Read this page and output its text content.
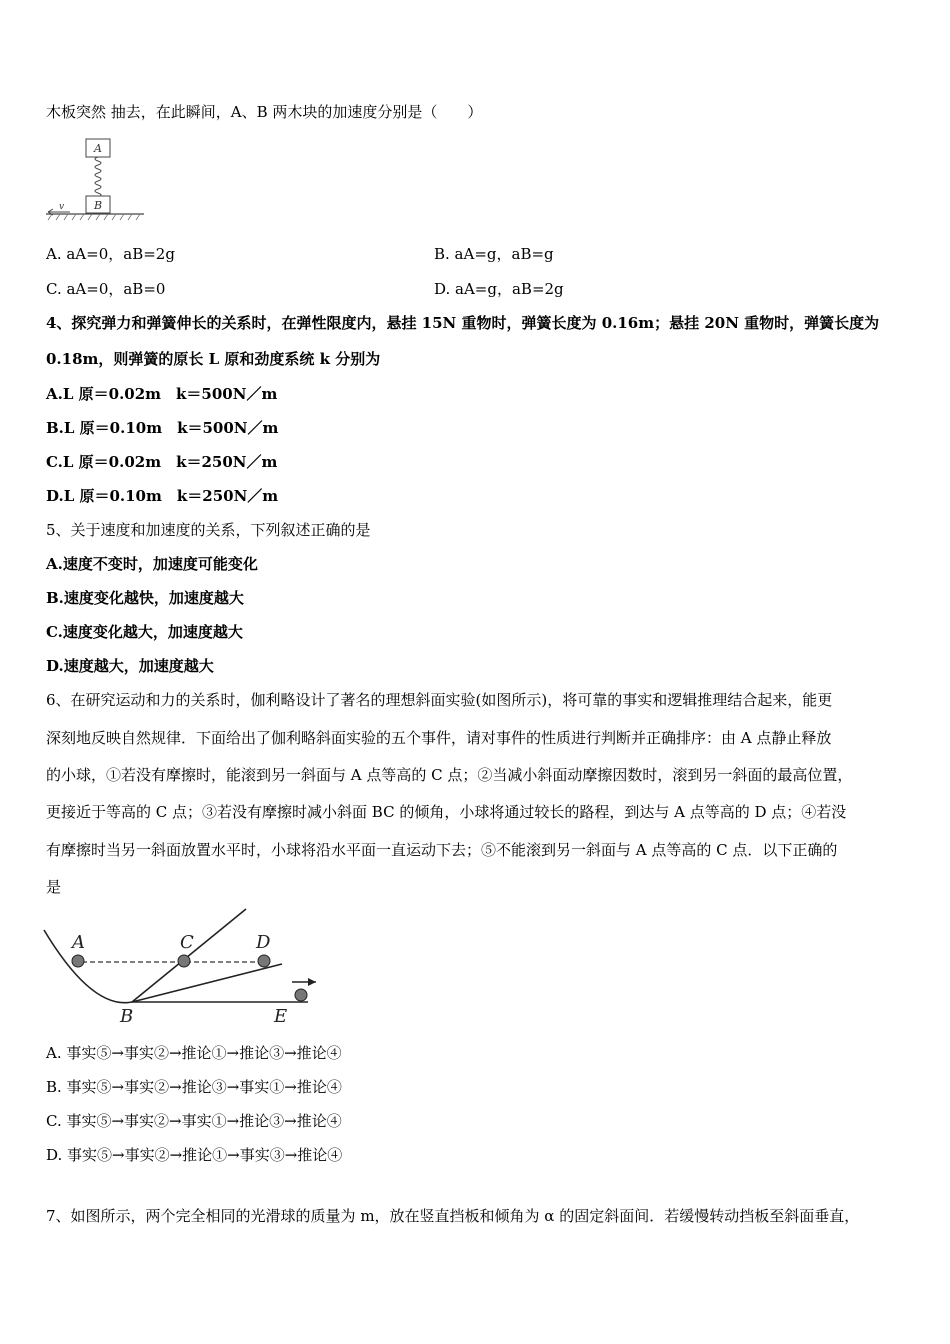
木板突然 抽去，在此瞬间，A、B 两木块的加速度分别是（　　）
A
B
v
A. aA=0，aB=2g	B. aA=g，aB=g
C. aA=0，aB=0	D. aA=g，aB=2g
4、探究弹力和弹簧伸长的关系时，在弹性限度内，悬挂 15N 重物时，弹簧长度为 0.16m；悬挂 20N 重物时，弹簧长度为
0.18m，则弹簧的原长 L 原和劲度系统 k 分别为
A.L 原＝0.02m　k＝500N／m
B.L 原＝0.10m　k＝500N／m
C.L 原＝0.02m　k＝250N／m
D.L 原＝0.10m　k＝250N／m
5、关于速度和加速度的关系，下列叙述正确的是
A.速度不变时，加速度可能变化
B.速度变化越快，加速度越大
C.速度变化越大，加速度越大
D.速度越大，加速度越大
6、在研究运动和力的关系时，伽利略设计了著名的理想斜面实验(如图所示)，将可靠的事实和逻辑推理结合起来，能更
深刻地反映自然规律．下面给出了伽利略斜面实验的五个事件，请对事件的性质进行判断并正确排序：由 A 点静止释放
的小球，①若没有摩擦时，能滚到另一斜面与 A 点等高的 C 点；②当减小斜面动摩擦因数时，滚到另一斜面的最高位置，
更接近于等高的 C 点；③若没有摩擦时减小斜面 BC 的倾角，小球将通过较长的路程，到达与 A 点等高的 D 点；④若没
有摩擦时当另一斜面放置水平时，小球将沿水平面一直运动下去；⑤不能滚到另一斜面与 A 点等高的 C 点．以下正确的
是
A	C	D
B	E
A. 事实⑤→事实②→推论①→推论③→推论④
B. 事实⑤→事实②→推论③→事实①→推论④
C. 事实⑤→事实②→事实①→推论③→推论④
D. 事实⑤→事实②→推论①→事实③→推论④
7、如图所示，两个完全相同的光滑球的质量为 m，放在竖直挡板和倾角为 α 的固定斜面间．若缓慢转动挡板至斜面垂直，
